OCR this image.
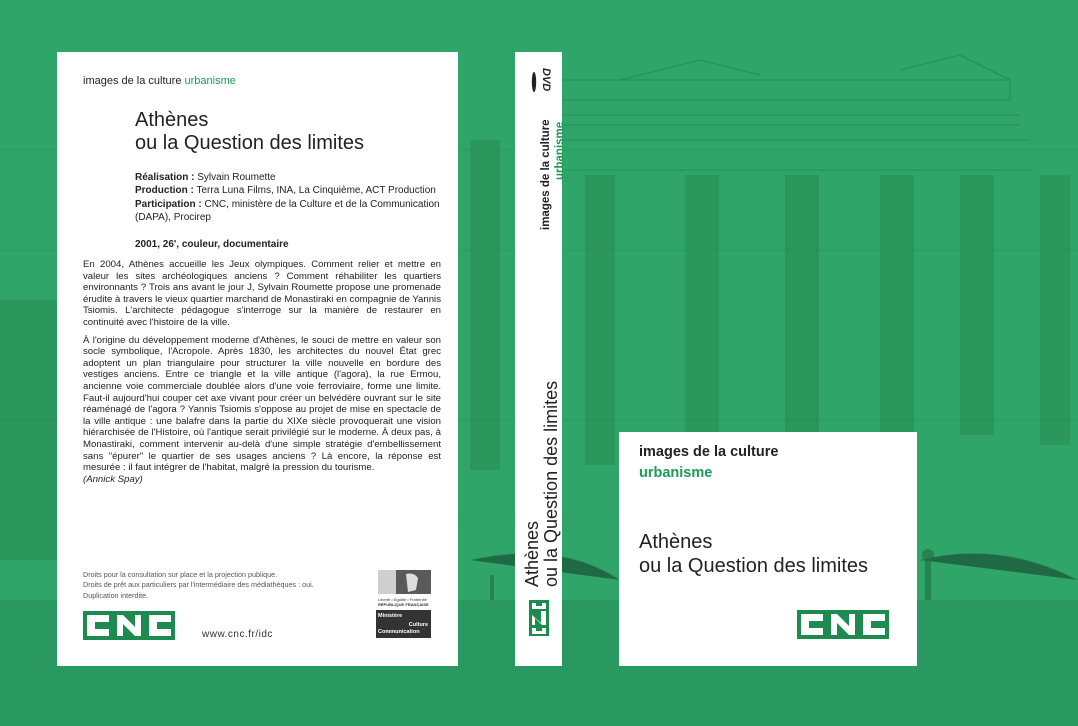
images de la culture urbanisme
Athènes
ou la Question des limites
Réalisation : Sylvain Roumette
Production : Terra Luna Films, INA, La Cinquième, ACT Production
Participation : CNC, ministère de la Culture et de la Communication (DAPA), Procirep
2001, 26', couleur, documentaire

En 2004, Athènes accueille les Jeux olympiques. Comment relier et mettre en valeur les sites archéologiques anciens ? Comment réhabiliter les quartiers environnants ? Trois ans avant le jour J, Sylvain Roumette propose une promenade érudite à travers le vieux quartier marchand de Monastiraki en compagnie de Yannis Tsiomis. L'architecte pédagogue s'interroge sur la manière de restaurer en continuité avec l'histoire de la ville.

À l'origine du développement moderne d'Athènes, le souci de mettre en valeur son socle symbolique, l'Acropole. Après 1830, les architectes du nouvel État grec adoptent un plan triangulaire pour structurer la ville nouvelle en bordure des vestiges anciens. Entre ce triangle et la ville antique (l'agora), la rue Ermou, ancienne voie commerciale doublée alors d'une voie ferroviaire, forme une limite. Faut-il aujourd'hui couper cet axe vivant pour créer un belvédère ouvrant sur le site réaménagé de l'agora ? Yannis Tsiomis s'oppose au projet de mise en spectacle de la ville antique : une balafre dans la partie du XIXe siècle provoquerait une vision hiérarchisée de l'Histoire, où l'antique serait privilégié sur le moderne. À deux pas, à Monastiraki, comment intervenir au-delà d'une simple stratégie d'embellissement sans "épurer" le quartier de ses usages anciens ? Là encore, la réponse est mesurée : il faut intégrer de l'habitat, malgré la pression du tourisme.

(Annick Spay)
Droits pour la consultation sur place et la projection publique.
Droits de prêt aux particuliers par l'intermédiaire des médiathèques : oui.
Duplication interdite.
www.cnc.fr/idc
Liberté • Égalité • Fraternité
RÉPUBLIQUE FRANÇAISE
Ministère
Culture
Communication
DVD
images de la culture urbanisme
Athènes ou la Question des limites	images de la culture
urbanisme
Athènes
ou la Question des limites
